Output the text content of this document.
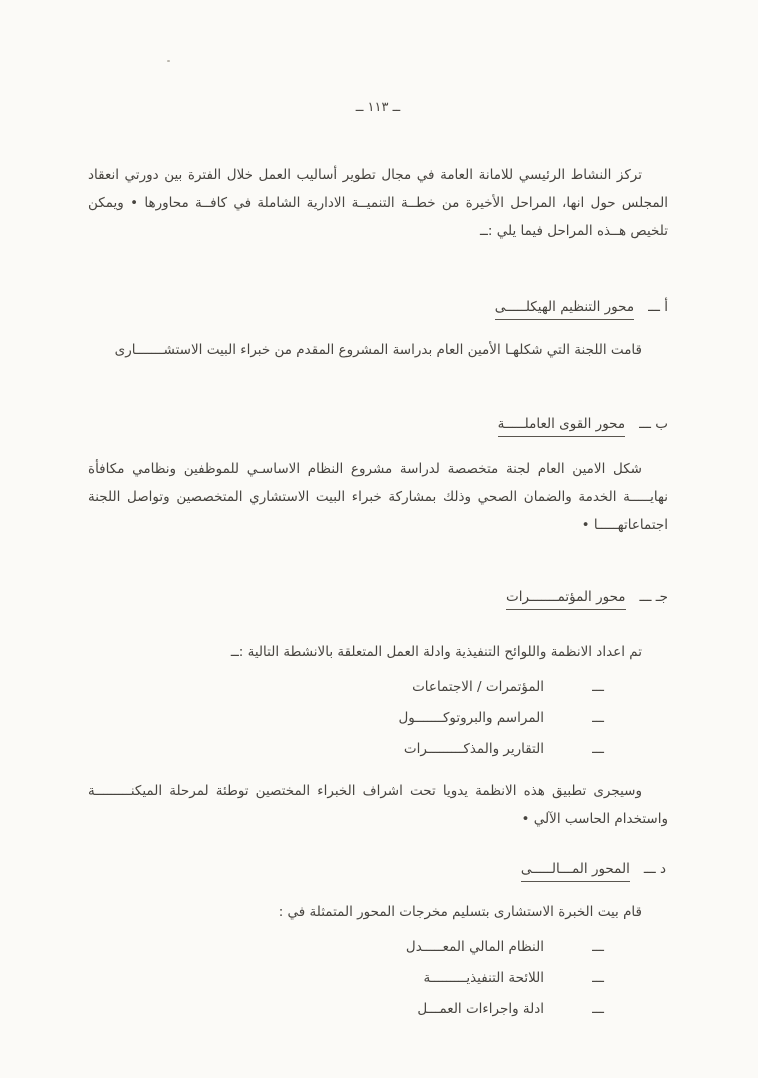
ــ ١١٣ ــ

تركز النشاط الرئيسي للامانة العامة في مجال تطوير أساليب العمل خلال الفترة بين دورتي انعقاد المجلس حول انها، المراحل الأخيرة من خطــة التنميــة الادارية الشاملة في كافــة محاورها • ويمكن تلخيص هــذه المراحل فيما يلي :ــ

أ ـــ
محور التنظيم الهيكلـــــى

قامت اللجنة التي شكلهـا الأمين العام بدراسة المشروع المقدم من خبراء البيت الاستشـــــــارى

ب ـــ
محور القوى العاملـــــة

شكل الامين العام لجنة متخصصة لدراسة مشروع النظام الاساسـي للموظفين ونظامي مكافأة نهايـــــة الخدمة والضمان الصحي وذلك بمشاركة خبراء البيت الاستشاري المتخصصين وتواصل اللجنة اجتماعاتهـــــا •

جـ ـــ
محور المؤتمـــــــرات

تم اعداد الانظمة واللوائح التنفيذية وادلة العمل المتعلقة بالانشطة التالية :ــ

ـــ
المؤتمرات / الاجتماعات
ـــ
المراسم والبروتوكـــــــول
ـــ
التقارير والمذكـــــــــرات

وسيجرى تطبيق هذه الانظمة يدويا تحت اشراف الخبراء المختصين توطئة لمرحلة الميكنـــــــــة واستخدام الحاسب الآلي •

د ـــ
المحور المـــالـــــى

قام بيت الخبرة الاستشارى بتسليم مخرجات المحور المتمثلة في :

ـــ
النظام المالي المعـــــدل
ـــ
اللائحة التنفيذيـــــــــة
ـــ
ادلة واجراءات العمـــل
